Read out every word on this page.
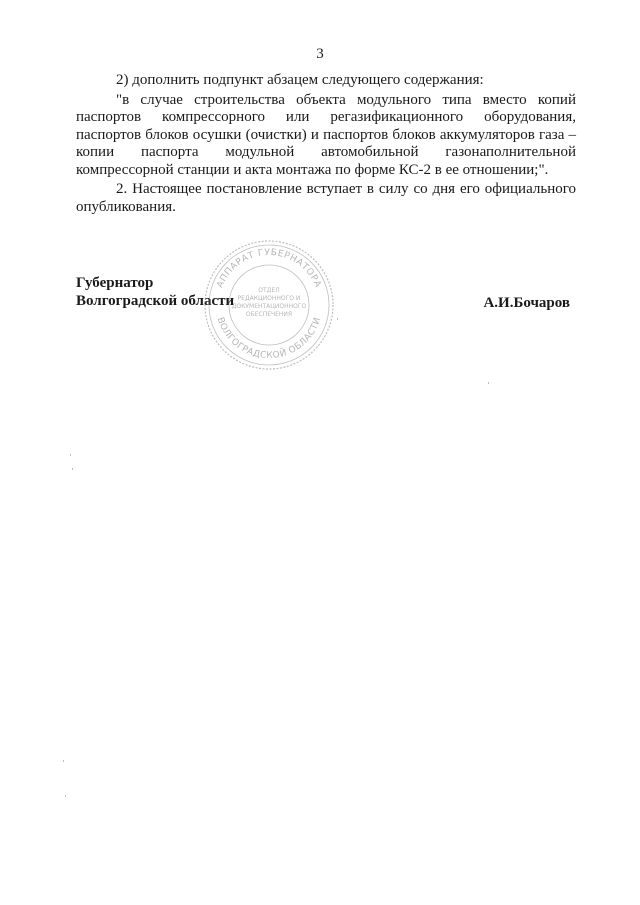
3

2) дополнить подпункт абзацем следующего содержания:

"в случае строительства объекта модульного типа вместо копий паспортов компрессорного или регазификационного оборудования, паспортов блоков осушки (очистки) и паспортов блоков аккумуляторов газа – копии паспорта модульной автомобильной газонаполнительной компрессорной станции и акта монтажа по форме КС-2 в ее отношении;".

2. Настоящее постановление вступает в силу со дня его официального опубликования.

Губернатор
Волгоградской области	А.И.Бочаров
АППАРАТ ГУБЕРНАТОРА
ВОЛГОГРАДСКОЙ ОБЛАСТИ
ОТДЕЛ
РЕДАКЦИОННОГО И
ДОКУМЕНТАЦИОННОГО
ОБЕСПЕЧЕНИЯ
